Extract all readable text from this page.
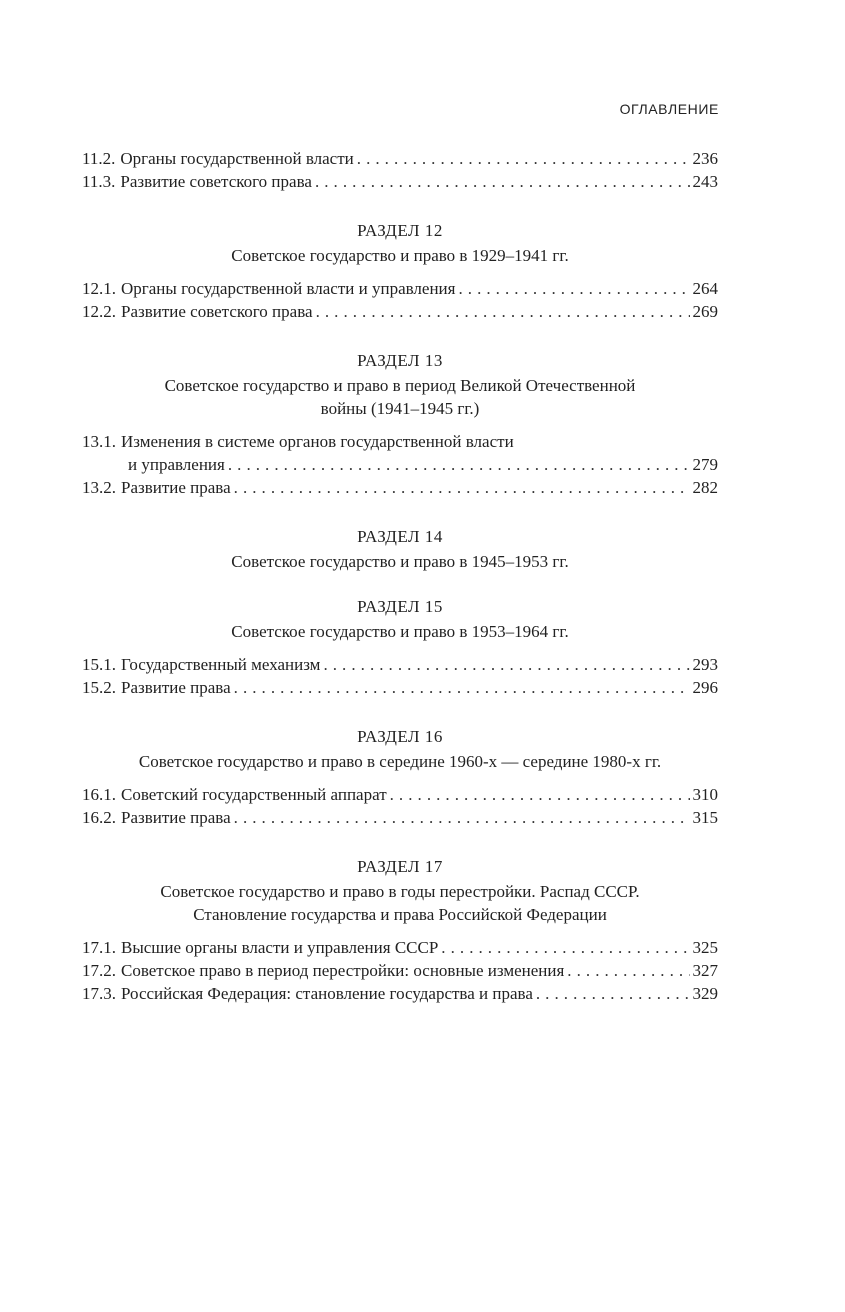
ОГЛАВЛЕНИЕ
11.2. Органы государственной власти . . .	236
11.3. Развитие советского права . . .	243
РАЗДЕЛ 12
Советское государство и право в 1929–1941 гг.
12.1. Органы государственной власти и управления . . .	264
12.2. Развитие советского права . . .	269
РАЗДЕЛ 13
Советское государство и право в период Великой Отечественной
войны (1941–1945 гг.)
13.1. Изменения в системе органов государственной власти
и управления . . .	279
13.2. Развитие права . . .	282
РАЗДЕЛ 14
Советское государство и право в 1945–1953 гг.
РАЗДЕЛ 15
Советское государство и право в 1953–1964 гг.
15.1. Государственный механизм . . .	293
15.2. Развитие права . . .	296
РАЗДЕЛ 16
Советское государство и право в середине 1960-х — середине 1980-х гг.
16.1. Советский государственный аппарат . . .	310
16.2. Развитие права . . .	315
РАЗДЕЛ 17
Советское государство и право в годы перестройки. Распад СССР.
Становление государства и права Российской Федерации
17.1. Высшие органы власти и управления СССР . . .	325
17.2. Советское право в период перестройки: основные изменения . . .	327
17.3. Российская Федерация: становление государства и права . . .	329
